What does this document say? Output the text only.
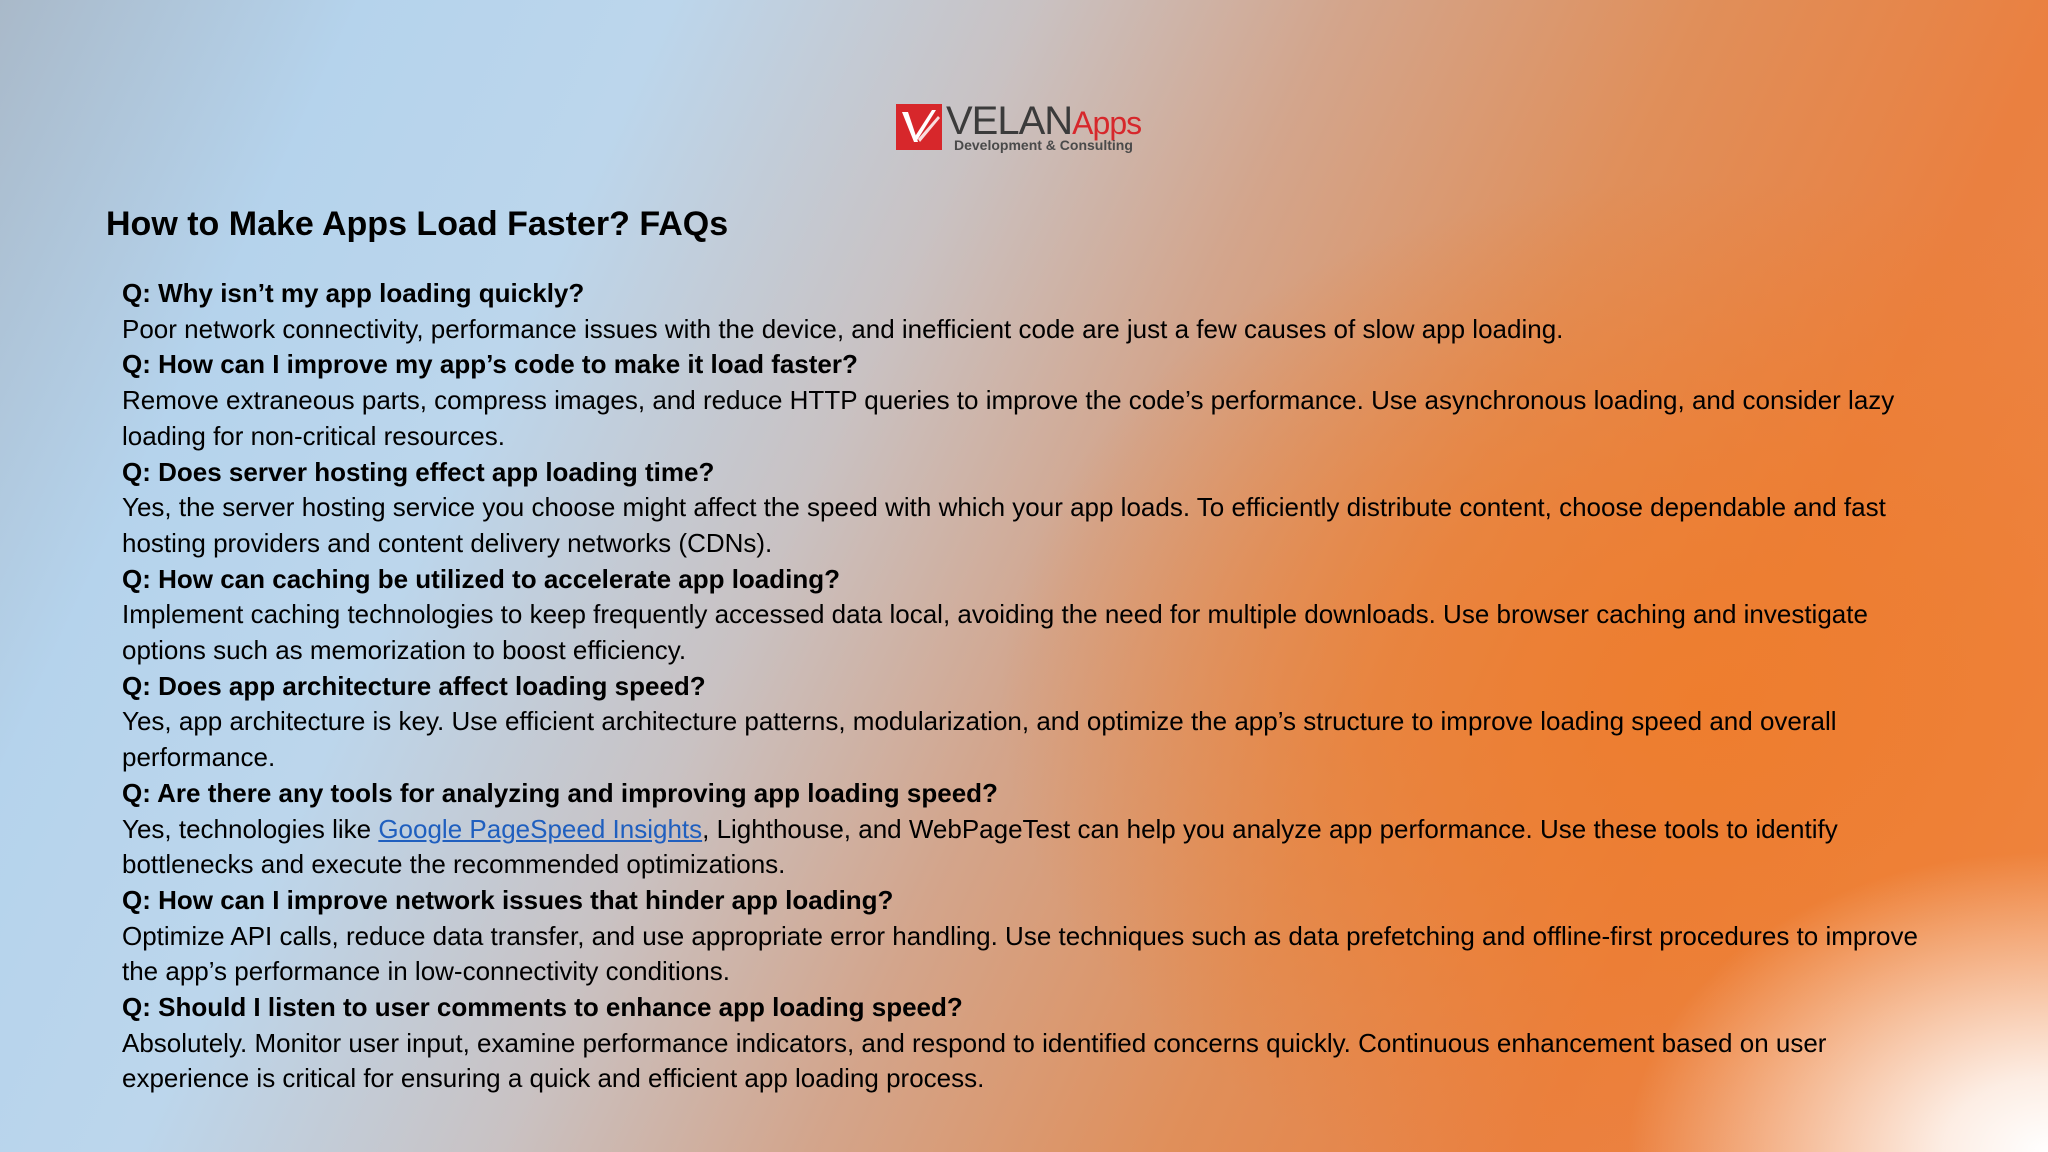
VELANApps
Development & Consulting
How to Make Apps Load Faster? FAQs
Q: Why isn’t my app loading quickly?

Poor network connectivity, performance issues with the device, and inefficient code are just a few causes of slow app loading.

Q: How can I improve my app’s code to make it load faster?

Remove extraneous parts, compress images, and reduce HTTP queries to improve the code’s performance. Use asynchronous loading, and consider lazy loading for non-critical resources.

Q: Does server hosting effect app loading time?

Yes, the server hosting service you choose might affect the speed with which your app loads. To efficiently distribute content, choose dependable and fast hosting providers and content delivery networks (CDNs).

Q: How can caching be utilized to accelerate app loading?

Implement caching technologies to keep frequently accessed data local, avoiding the need for multiple downloads. Use browser caching and investigate options such as memorization to boost efficiency.

Q: Does app architecture affect loading speed?

Yes, app architecture is key. Use efficient architecture patterns, modularization, and optimize the app’s structure to improve loading speed and overall performance.

Q: Are there any tools for analyzing and improving app loading speed?

Yes, technologies like Google PageSpeed Insights, Lighthouse, and WebPageTest can help you analyze app performance. Use these tools to identify bottlenecks and execute the recommended optimizations.

Q: How can I improve network issues that hinder app loading?

Optimize API calls, reduce data transfer, and use appropriate error handling. Use techniques such as data prefetching and offline-first procedures to improve the app’s performance in low-connectivity conditions.

Q: Should I listen to user comments to enhance app loading speed?

Absolutely. Monitor user input, examine performance indicators, and respond to identified concerns quickly. Continuous enhancement based on user experience is critical for ensuring a quick and efficient app loading process.
